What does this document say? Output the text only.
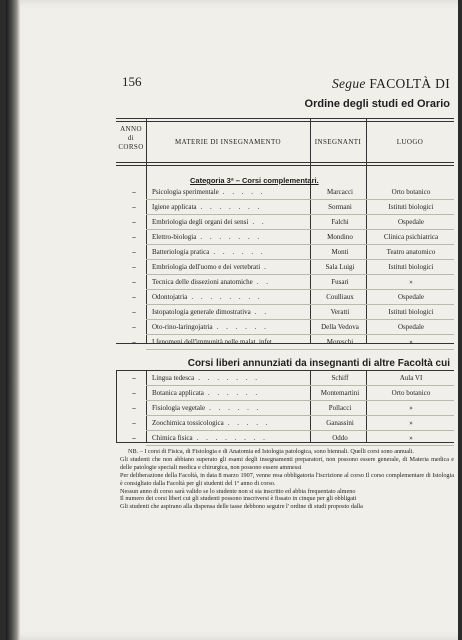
156	Segue FACOLTÀ DI
Ordine degli studi ed Orario
ANNO
di
CORSO
MATERIE DI INSEGNAMENTO	INSEGNANTI	LUOGO
Categoria 3ª – Corsi complementari.
–	Psicologia sperimentale . . . . .	Marcacci	Orto botanico
–	Igiene applicata . . . . . . .	Sormani	Istituti biologici
–	Embriologia degli organi dei sensi . .	Falchi	Ospedale
–	Elettro-biologia . . . . . . .	Mondino	Clinica psichiatrica
–	Batteriologia pratica . . . . . .	Monti	Teatro anatomico
–	Embriologia dell'uomo e dei vertebrati .	Sala Luigi	Istituti biologici
–	Tecnica delle dissezioni anatomiche . .	Fusari	»
–	Odontojatria . . . . . . . .	Coulliaux	Ospedale
–	Istopatologia generale dimostrativa . .	Veratti	Istituti biologici
–	Oto-rino-laringojatria . . . . . .	Della Vedova	Ospedale
–	I fenomeni dell'immunità nelle malat. infet. .	Moreschi	»
Corsi liberi annunziati da insegnanti di altre Facoltà cui
–	Lingua tedesca . . . . . . .	Schiff	Aula VI
–	Botanica applicata . . . . . .	Montemartini	Orto botanico
–	Fisiologia vegetale . . . . . .	Pollacci	»
–	Zoochimica tossicologica . . . . .	Ganassini	»
–	Chimica fisica . . . . . . . .	Oddo	»

NB. – I corsi di Fisica, di Fisiologia e di Anatomia ed Istologia patologica, sono biennali. Quelli corsi sono annuali.

Gli studenti che non abbiano superato gli esami degli insegnamenti preparatori, non possono essere generale, di Materia medica e delle patologie speciali medica e chirurgica, non possono essere ammessi

Per deliberazione della Facoltà, in data 8 marzo 1907, venne resa obbligatoria l'iscrizione al corso Il corso complementare di Istologia è consigliato dalla Facoltà per gli studenti del 1º anno di corso.

Nessun anno di corso sarà valido se lo studente non si sia inscritto ed abbia frequentato almeno

Il numero dei corsi liberi cui gli studenti possono inscriversi è fissato in cinque per gli obbligati

Gli studenti che aspirano alla dispensa delle tasse debbono seguire l' ordine di studi proposto dalla
